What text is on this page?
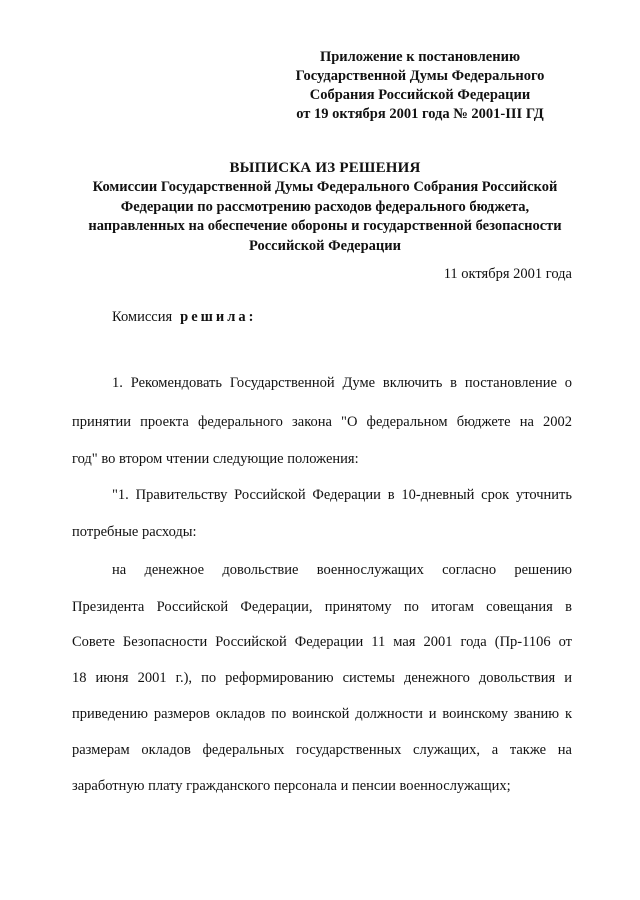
Приложение к постановлению
Государственной Думы Федерального
Собрания Российской Федерации
от 19 октября 2001 года № 2001-III ГД
ВЫПИСКА ИЗ РЕШЕНИЯ
Комиссии Государственной Думы Федерального Собрания Российской
Федерации по рассмотрению расходов федерального бюджета,
направленных на обеспечение обороны и государственной безопасности
Российской Федерации
11 октября 2001 года
Комиссия решила:
1. Рекомендовать Государственной Думе включить в постановление о
принятии проекта федерального закона "О федеральном бюджете на 2002
год" во втором чтении следующие положения:
"1. Правительству Российской Федерации в 10-дневный срок уточнить
потребные расходы:
на денежное довольствие военнослужащих согласно решению
Президента Российской Федерации, принятому по итогам совещания в
Совете Безопасности Российской Федерации 11 мая 2001 года (Пр-1106 от
18 июня 2001 г.), по реформированию системы денежного довольствия и
приведению размеров окладов по воинской должности и воинскому званию к
размерам окладов федеральных государственных служащих, а также на
заработную плату гражданского персонала и пенсии военнослужащих;
